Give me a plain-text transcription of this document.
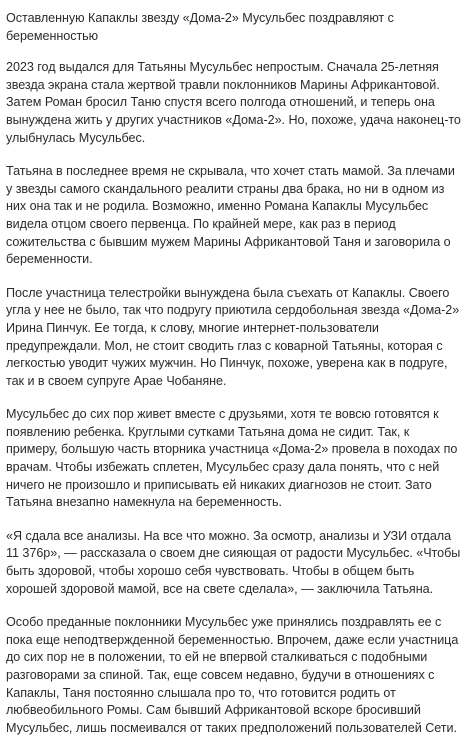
Оставленную Капаклы звезду «Дома-2» Мусульбес поздравляют с беременностью

2023 год выдался для Татьяны Мусульбес непростым. Сначала 25-летняя звезда экрана стала жертвой травли поклонников Марины Африкантовой. Затем Роман бросил Таню спустя всего полгода отношений, и теперь она вынуждена жить у других участников «Дома-2». Но, похоже, удача наконец-то улыбнулась Мусульбес.

Татьяна в последнее время не скрывала, что хочет стать мамой. За плечами у звезды самого скандального реалити страны два брака, но ни в одном из них она так и не родила. Возможно, именно Романа Капаклы Мусульбес видела отцом своего первенца. По крайней мере, как раз в период сожительства с бывшим мужем Марины Африкантовой Таня и заговорила о беременности.

После участница телестройки вынуждена была съехать от Капаклы. Своего угла у нее не было, так что подругу приютила сердобольная звезда «Дома-2» Ирина Пинчук. Ее тогда, к слову, многие интернет-пользователи предупреждали. Мол, не стоит сводить глаз с коварной Татьяны, которая с легкостью уводит чужих мужчин. Но Пинчук, похоже, уверена как в подруге, так и в своем супруге Арае Чобаняне.

Мусульбес до сих пор живет вместе с друзьями, хотя те вовсю готовятся к появлению ребенка. Круглыми сутками Татьяна дома не сидит. Так, к примеру, большую часть вторника участница «Дома-2» провела в походах по врачам. Чтобы избежать сплетен, Мусульбес сразу дала понять, что с ней ничего не произошло и приписывать ей никаких диагнозов не стоит. Зато Татьяна внезапно намекнула на беременность.

«Я сдала все анализы. На все что можно. За осмотр, анализы и УЗИ отдала 11 376р», — рассказала о своем дне сияющая от радости Мусульбес. «Чтобы быть здоровой, чтобы хорошо себя чувствовать. Чтобы в общем быть хорошей здоровой мамой, все на свете сделала», — заключила Татьяна.

Особо преданные поклонники Мусульбес уже принялись поздравлять ее с пока еще неподтвержденной беременностью. Впрочем, даже если участница до сих пор не в положении, то ей не впервой сталкиваться с подобными разговорами за спиной. Так, еще совсем недавно, будучи в отношениях с Капаклы, Таня постоянно слышала про то, что готовится родить от любвеобильного Ромы. Сам бывший Африкантовой вскоре бросивший Мусульбес, лишь посмеивался от таких предположений пользователей Сети.
